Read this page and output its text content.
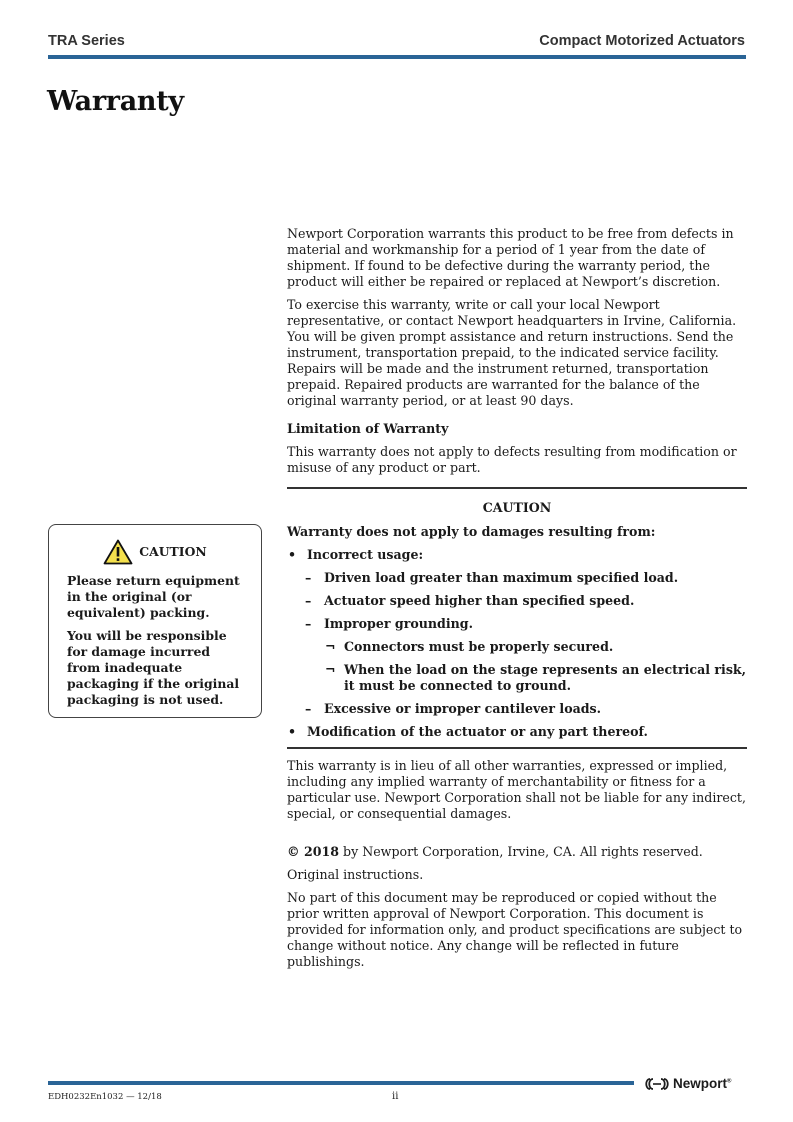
TRA Series	Compact Motorized Actuators
Warranty

Newport Corporation warrants this product to be free from defects in material and workmanship for a period of 1 year from the date of shipment. If found to be defective during the warranty period, the product will either be repaired or replaced at Newport’s discretion.

To exercise this warranty, write or call your local Newport representative, or contact Newport headquarters in Irvine, California. You will be given prompt assistance and return instructions. Send the instrument, transportation prepaid, to the indicated service facility. Repairs will be made and the instrument returned, transportation prepaid. Repaired products are warranted for the balance of the original warranty period, or at least 90 days.

Limitation of Warranty

This warranty does not apply to defects resulting from modification or misuse of any product or part.

CAUTION
Warranty does not apply to damages resulting from:
• Incorrect usage:
–	Driven load greater than maximum specified load.
–	Actuator speed higher than specified speed.
–	Improper grounding.
¬ Connectors must be properly secured.
¬ When the load on the stage represents an electrical risk, it must be connected to ground.
–	Excessive or improper cantilever loads.
• Modification of the actuator or any part thereof.

This warranty is in lieu of all other warranties, expressed or implied, including any implied warranty of merchantability or fitness for a particular use. Newport Corporation shall not be liable for any indirect, special, or consequential damages.

© 2018 by Newport Corporation, Irvine, CA. All rights reserved.

Original instructions.

No part of this document may be reproduced or copied without the prior written approval of Newport Corporation. This document is provided for information only, and product specifications are subject to change without notice. Any change will be reflected in future publishings.

CAUTION

Please return equipment in the original (or equivalent) packing.

You will be responsible for damage incurred from inadequate packaging if the original packaging is not used.

Newport®
EDH0232En1032 — 12/18	ii
